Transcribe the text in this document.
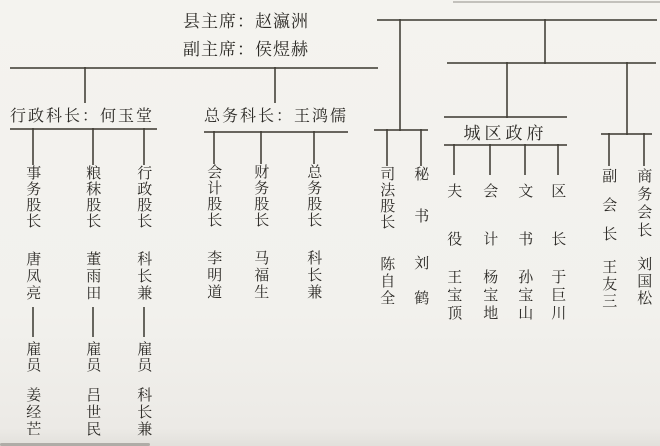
县主席：赵瀛洲
副主席：侯煜赫
行政科长：何玉堂	总务科长：王鸿儒
城区政府
事务股长
唐凤亮
雇员
姜经芒
粮秣股长
董雨田
雇员
吕世民
行政股长
科长兼
雇员
科长兼
会计股长
李明道
财务股长
马福生
总务股长
科长兼
司法股长
陈自全
秘书
刘鹤
夫役
王宝顶
会计
杨宝地
文书
孙宝山
区长
于巨川
副会长
王友三
商务会长
刘国松
